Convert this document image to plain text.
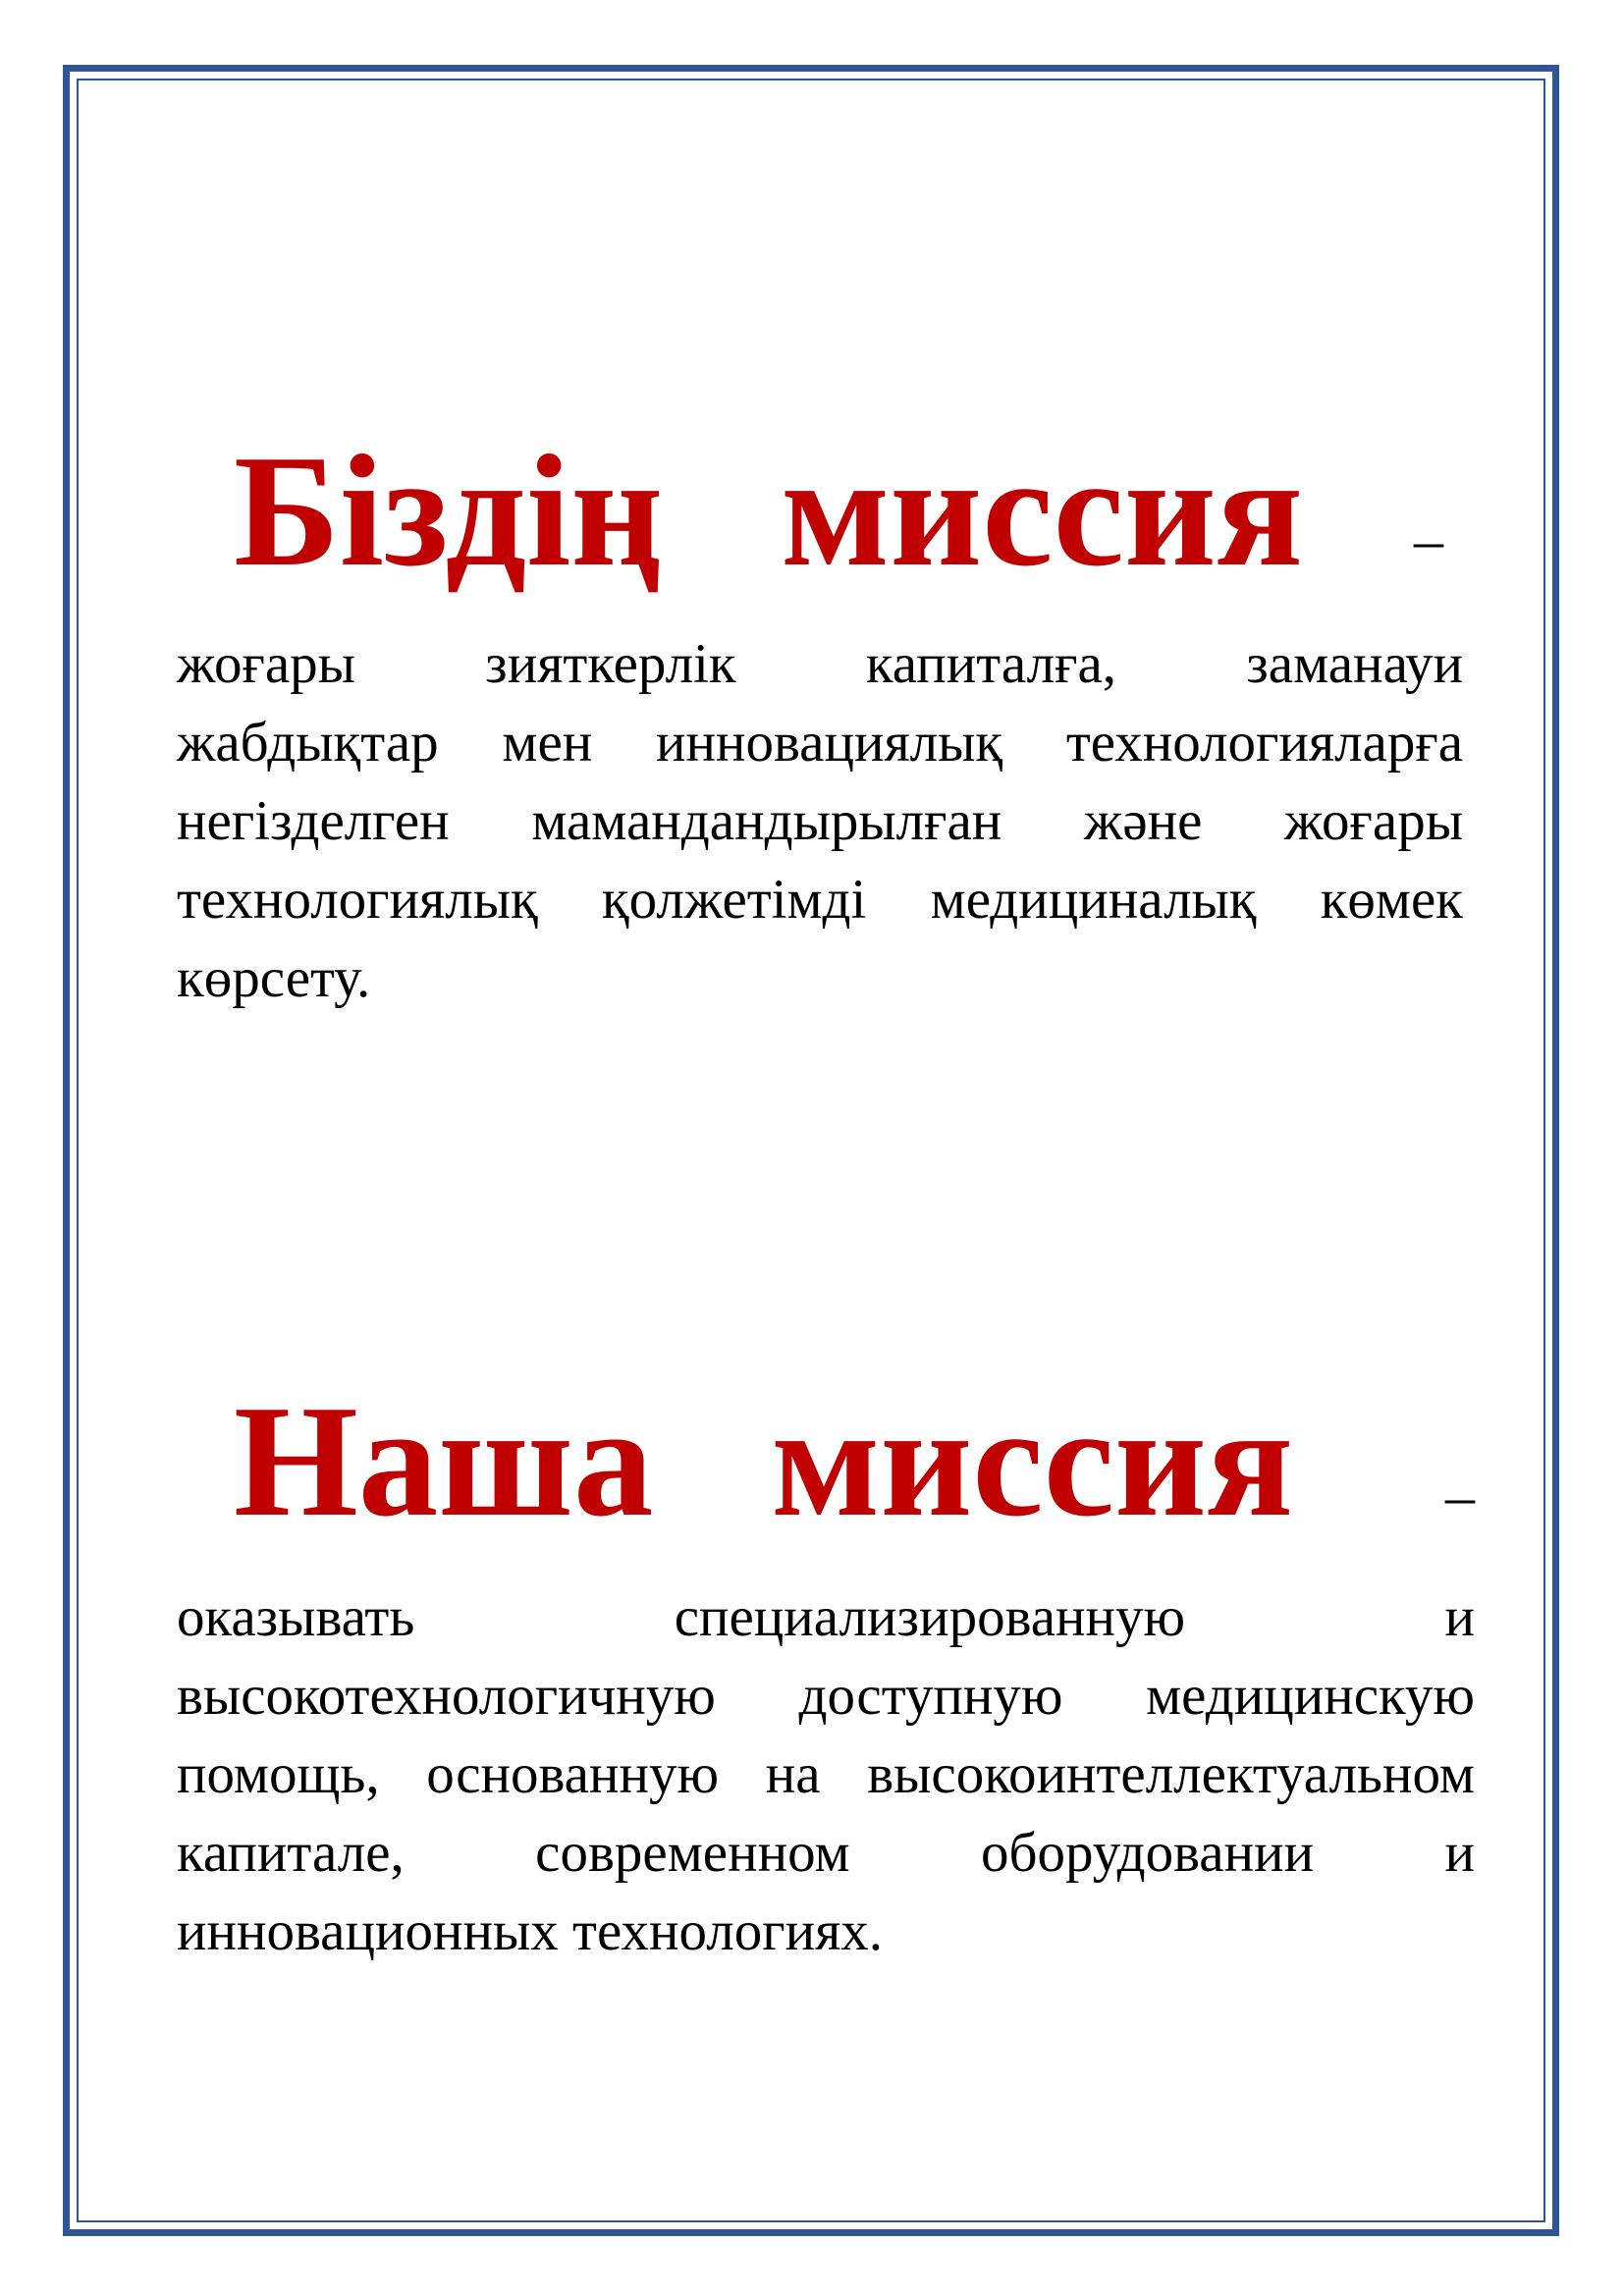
Біздің миссия –
жоғары зияткерлік капиталға, заманауи
жабдықтар мен инновациялық технологияларға
негізделген мамандандырылған және жоғары
технологиялық қолжетімді медициналық көмек
көрсету.
Наша миссия	–
оказывать специализированную и
высокотехнологичную доступную медицинскую
помощь, основанную на высокоинтеллектуальном
капитале, современном оборудовании и
инновационных технологиях.
